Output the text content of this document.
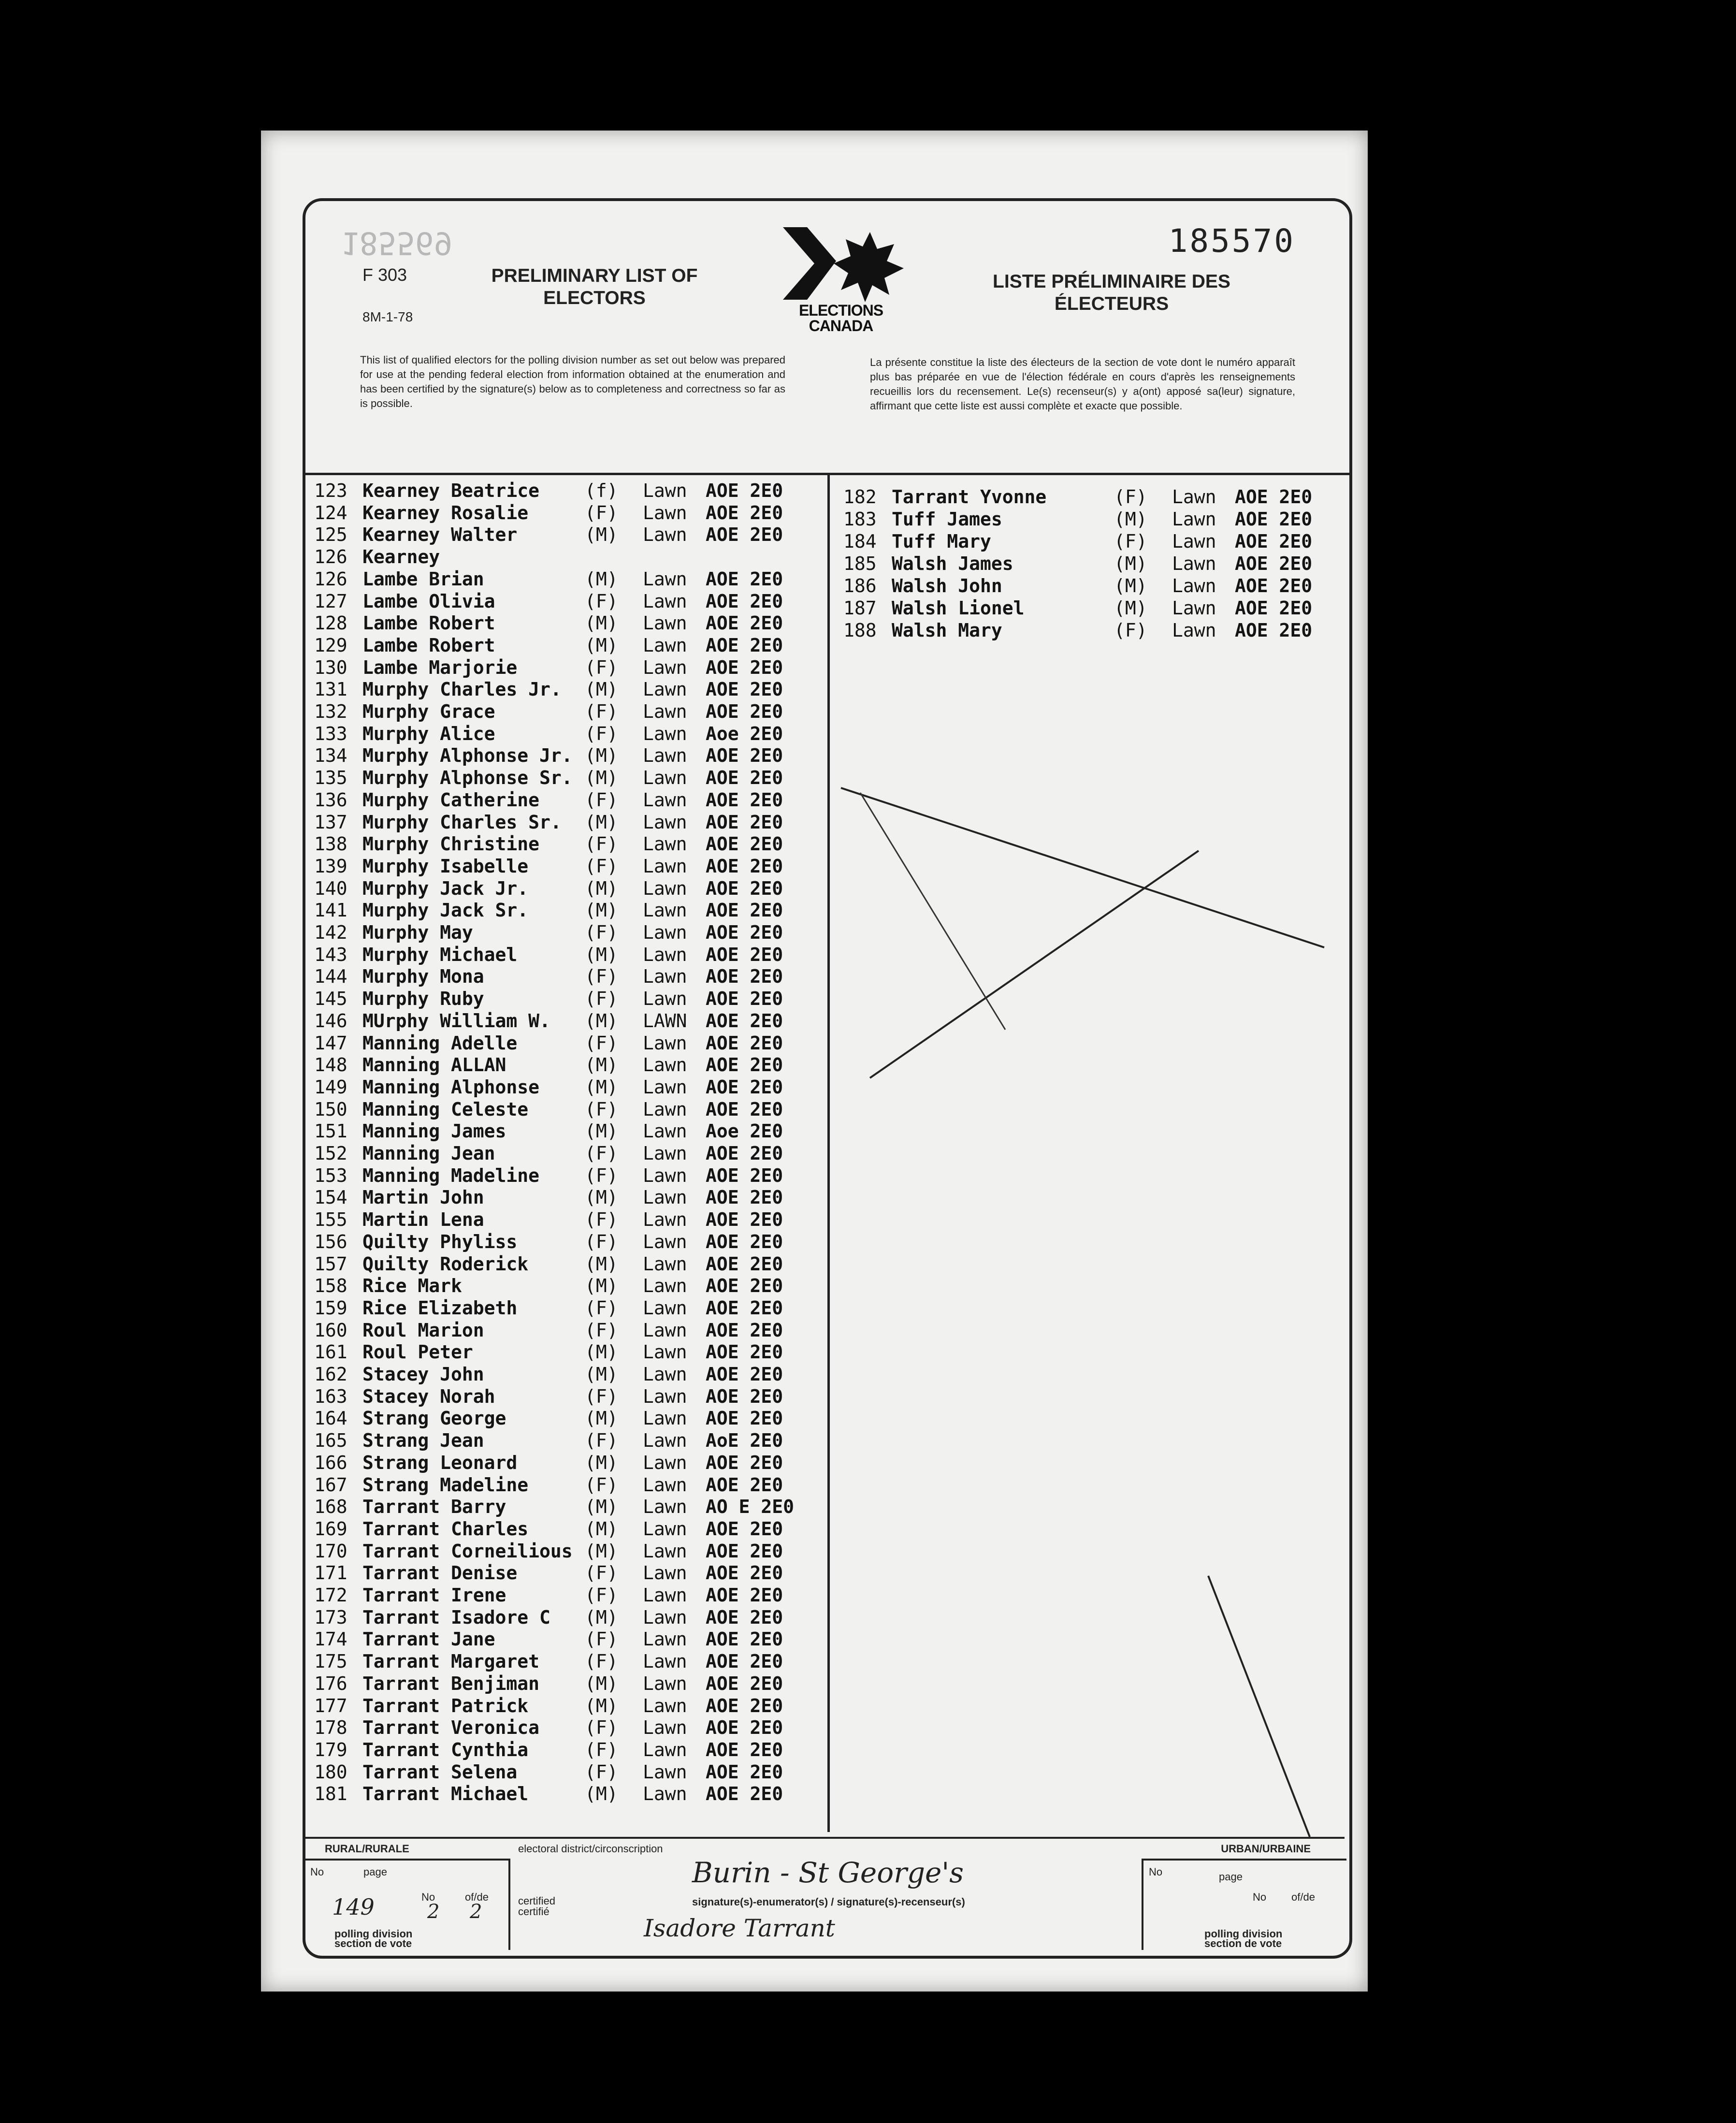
185569	185570
F 303
8M-1-78
PRELIMINARY LIST OF ELECTORS
LISTE PRÉLIMINAIRE DES ÉLECTEURS
ELECTIONS CANADA
This list of qualified electors for the polling division number as set out below was prepared for use at the pending federal election from information obtained at the enumeration and has been certified by the signature(s) below as to completeness and correctness so far as is possible.
La présente constitue la liste des électeurs de la section de vote dont le numéro apparaît plus bas préparée en vue de l'élection fédérale en cours d'après les renseignements recueillis lors du recensement. Le(s) recenseur(s) y a(ont) apposé sa(leur) signature, affirmant que cette liste est aussi complète et exacte que possible.
123 Kearney Beatrice (f) Lawn AOE 2E0
124 Kearney Rosalie	(F) Lawn AOE 2E0
125 Kearney Walter	(M) Lawn AOE 2E0
126 Kearney
126 Lambe Brian	(M) Lawn AOE 2E0
127 Lambe Olivia	(F) Lawn AOE 2E0
128 Lambe Robert	(M) Lawn AOE 2E0
129 Lambe Robert	(M) Lawn AOE 2E0
130 Lambe Marjorie	(F) Lawn AOE 2E0
131 Murphy Charles Jr. (M) Lawn AOE 2E0
132 Murphy Grace	(F) Lawn AOE 2E0
133 Murphy Alice	(F) Lawn Aoe 2E0
134 Murphy Alphonse Jr. (M) Lawn AOE 2E0
135 Murphy Alphonse Sr. (M) Lawn AOE 2E0
136 Murphy Catherine (F) Lawn AOE 2E0
137 Murphy Charles Sr. (M) Lawn AOE 2E0
138 Murphy Christine (F) Lawn AOE 2E0
139 Murphy Isabelle	(F) Lawn AOE 2E0
140 Murphy Jack Jr.	(M) Lawn AOE 2E0
141 Murphy Jack Sr.	(M) Lawn AOE 2E0
142 Murphy May	(F) Lawn AOE 2E0
143 Murphy Michael	(M) Lawn AOE 2E0
144 Murphy Mona	(F) Lawn AOE 2E0
145 Murphy Ruby	(F) Lawn AOE 2E0
146 MUrphy William W. (M) LAWN AOE 2E0
147 Manning Adelle	(F) Lawn AOE 2E0
148 Manning ALLAN	(M) Lawn AOE 2E0
149 Manning Alphonse (M) Lawn AOE 2E0
150 Manning Celeste	(F) Lawn AOE 2E0
151 Manning James	(M) Lawn Aoe 2E0
152 Manning Jean	(F) Lawn AOE 2E0
153 Manning Madeline (F) Lawn AOE 2E0
154 Martin John	(M) Lawn AOE 2E0
155 Martin Lena	(F) Lawn AOE 2E0
156 Quilty Phyliss	(F) Lawn AOE 2E0
157 Quilty Roderick	(M) Lawn AOE 2E0
158 Rice Mark	(M) Lawn AOE 2E0
159 Rice Elizabeth	(F) Lawn AOE 2E0
160 Roul Marion	(F) Lawn AOE 2E0
161 Roul Peter	(M) Lawn AOE 2E0
162 Stacey John	(M) Lawn AOE 2E0
163 Stacey Norah	(F) Lawn AOE 2E0
164 Strang George	(M) Lawn AOE 2E0
165 Strang Jean	(F) Lawn AoE 2E0
166 Strang Leonard	(M) Lawn AOE 2E0
167 Strang Madeline	(F) Lawn AOE 2E0
168 Tarrant Barry	(M) Lawn AO E 2E0
169 Tarrant Charles	(M) Lawn AOE 2E0
170 Tarrant Corneilious (M) Lawn AOE 2E0
171 Tarrant Denise	(F) Lawn AOE 2E0
172 Tarrant Irene	(F) Lawn AOE 2E0
173 Tarrant Isadore C (M) Lawn AOE 2E0
174 Tarrant Jane	(F) Lawn AOE 2E0
175 Tarrant Margaret (F) Lawn AOE 2E0
176 Tarrant Benjiman (M) Lawn AOE 2E0
177 Tarrant Patrick	(M) Lawn AOE 2E0
178 Tarrant Veronica (F) Lawn AOE 2E0
179 Tarrant Cynthia	(F) Lawn AOE 2E0
180 Tarrant Selena	(F) Lawn AOE 2E0
181 Tarrant Michael	(M) Lawn AOE 2E0
182 Tarrant Yvonne	(F) Lawn AOE 2E0
183 Tuff James	(M) Lawn AOE 2E0
184 Tuff Mary	(F) Lawn AOE 2E0
185 Walsh James	(M) Lawn AOE 2E0
186 Walsh John	(M) Lawn AOE 2E0
187 Walsh Lionel	(M) Lawn AOE 2E0
188 Walsh Mary	(F) Lawn AOE 2E0
RURAL/RURALE	URBAN/URBAINE
electoral district/circonscription
Burin - St George's
No	page
No	of/de
149	2 2
polling division
section de vote
certified
certifié
signature(s)-enumerator(s) / signature(s)-recenseur(s)
Isadore Tarrant
No	page
No of/de
polling division
section de vote
